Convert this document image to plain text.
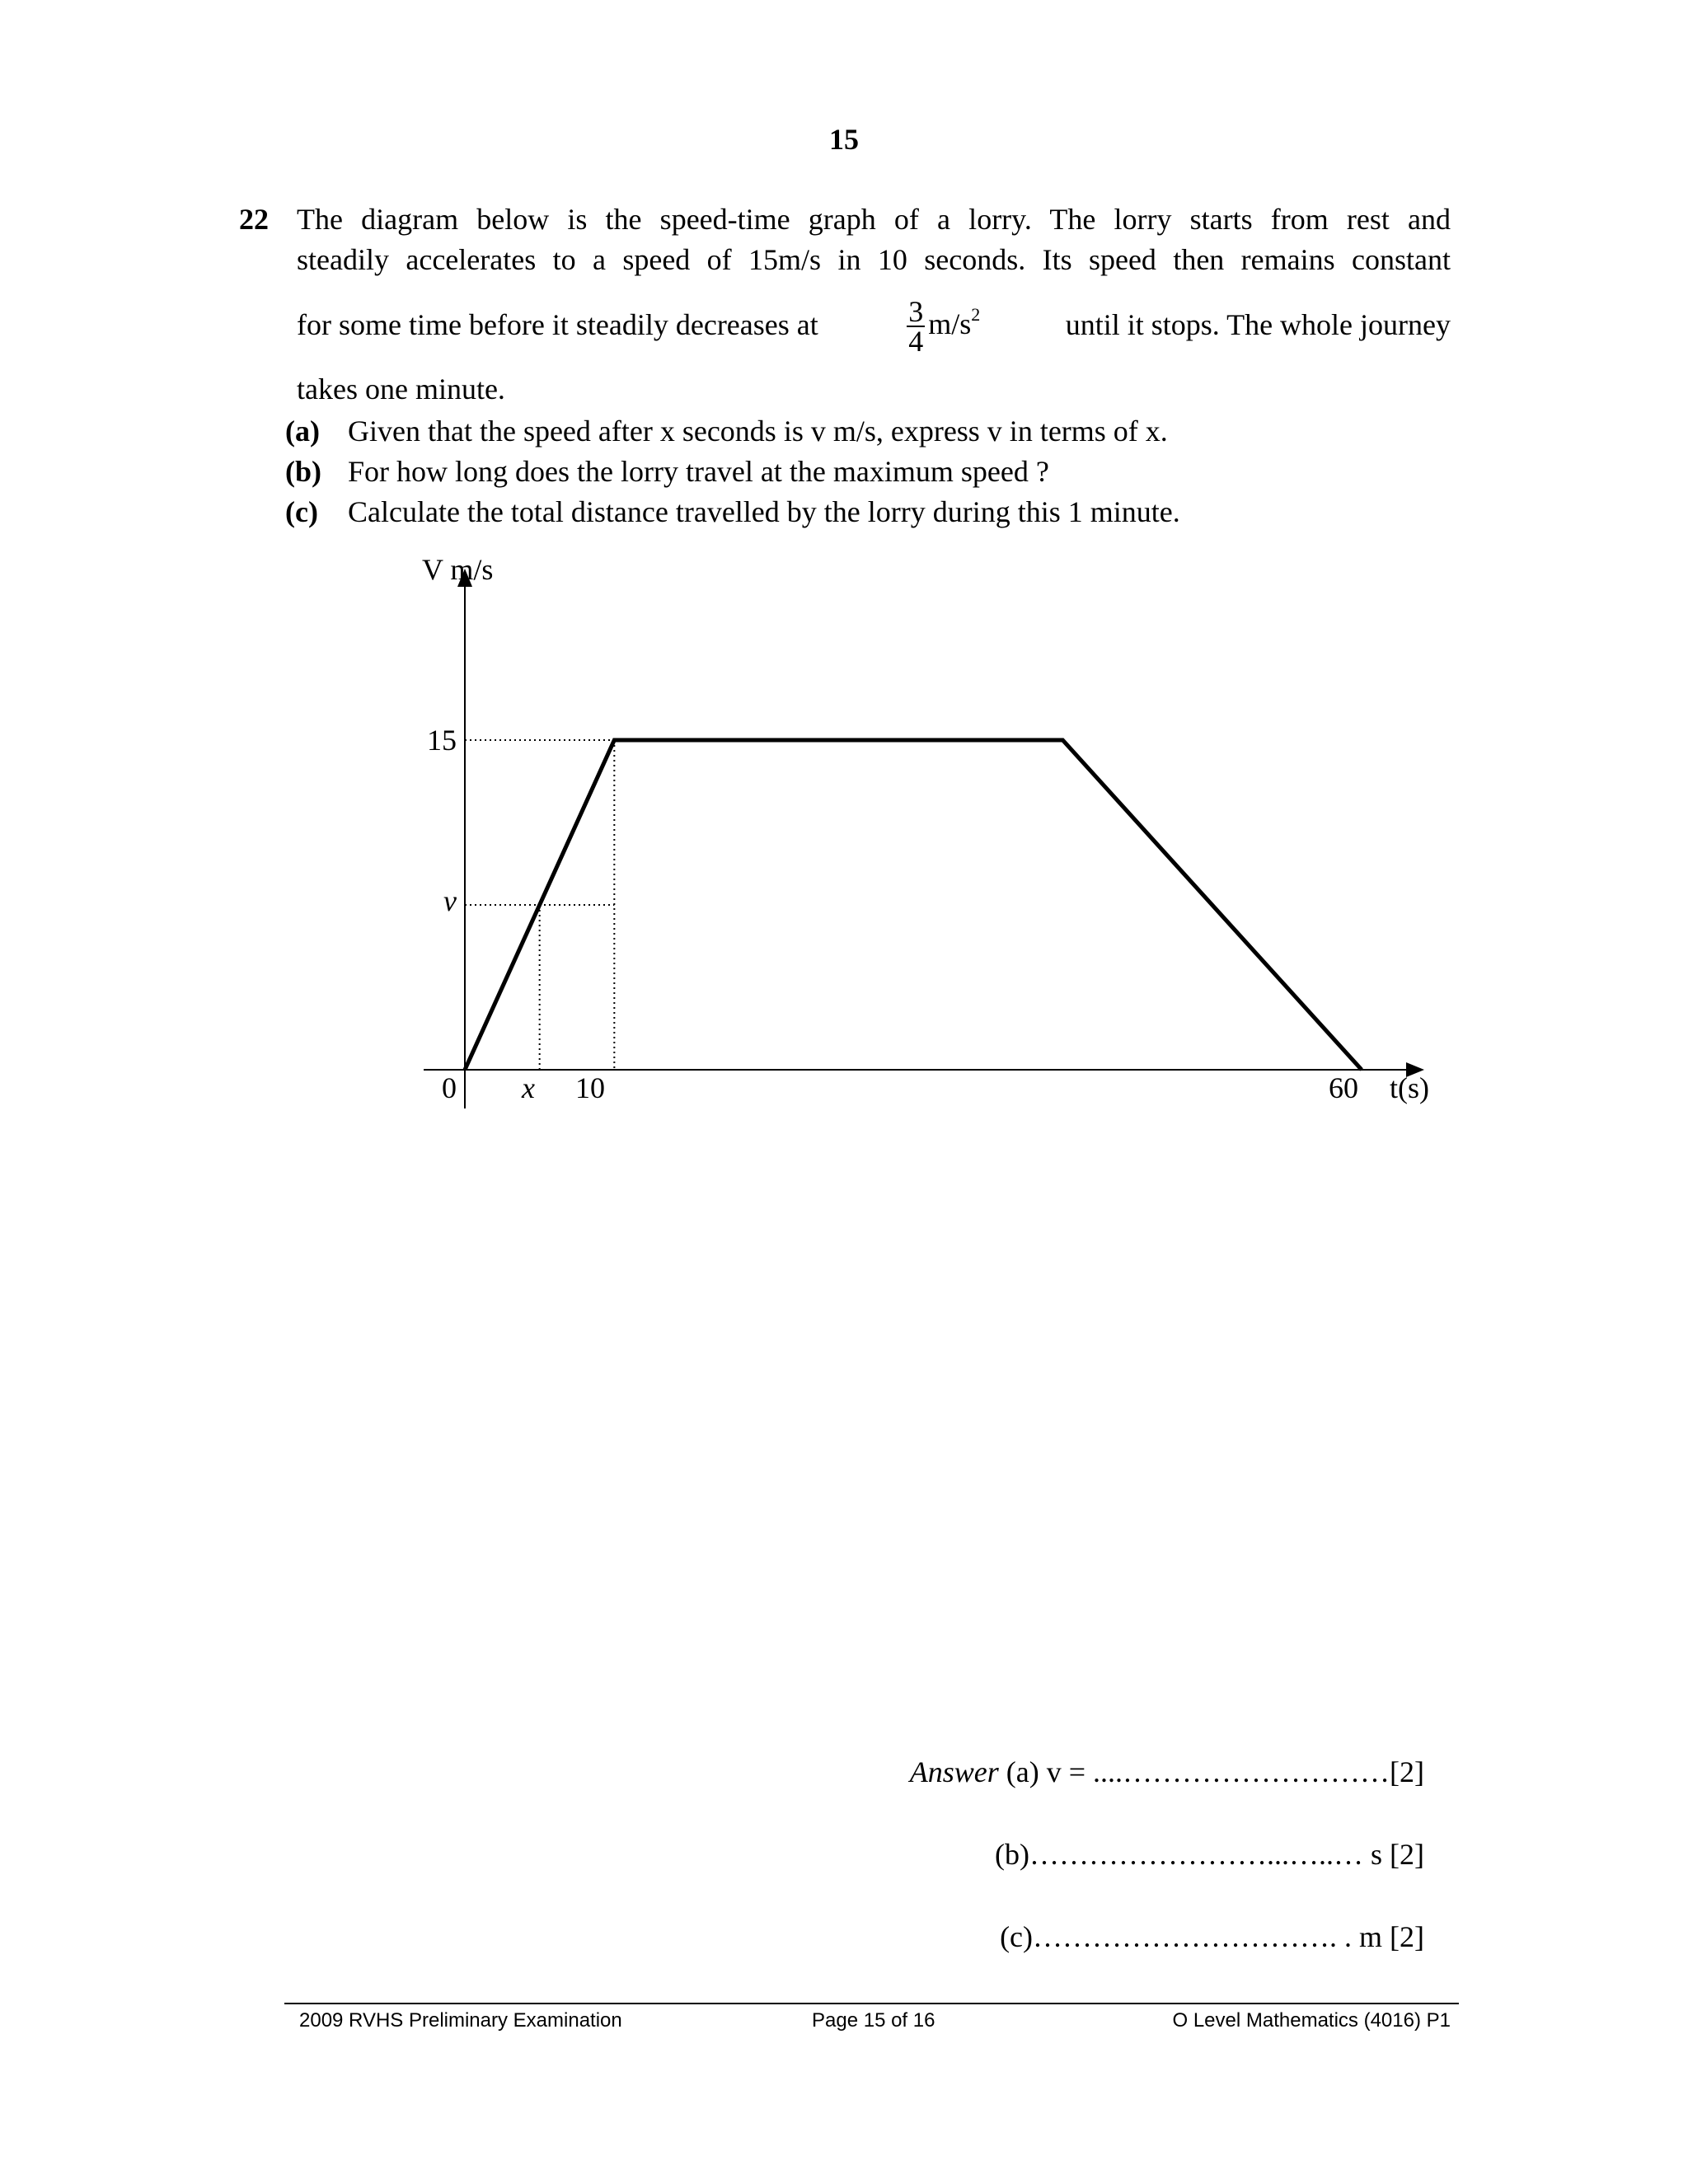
15
22 The diagram below is the speed-time graph of a lorry. The lorry starts from rest and
steadily accelerates to a speed of 15m/s in 10 seconds. Its speed then remains constant
for some time before it steadily decreases at	$\frac{3}{4} m/s^2$	until it stops. The whole journey
takes one minute.
(a) Given that the speed after x seconds is v m/s, express v in terms of x.
(b) For how long does the lorry travel at the maximum speed ?
(c)	Calculate the total distance travelled by the lorry during this 1 minute.
V m/s
t(s)
15
v
0 x 10	60
Answer (a) v = ....………………………[2]
(b)……………………...…..… s [2]
(c)…………………………. . m [2]
2009 RVHS Preliminary Examination	Page 15 of 16	O Level Mathematics (4016) P1
